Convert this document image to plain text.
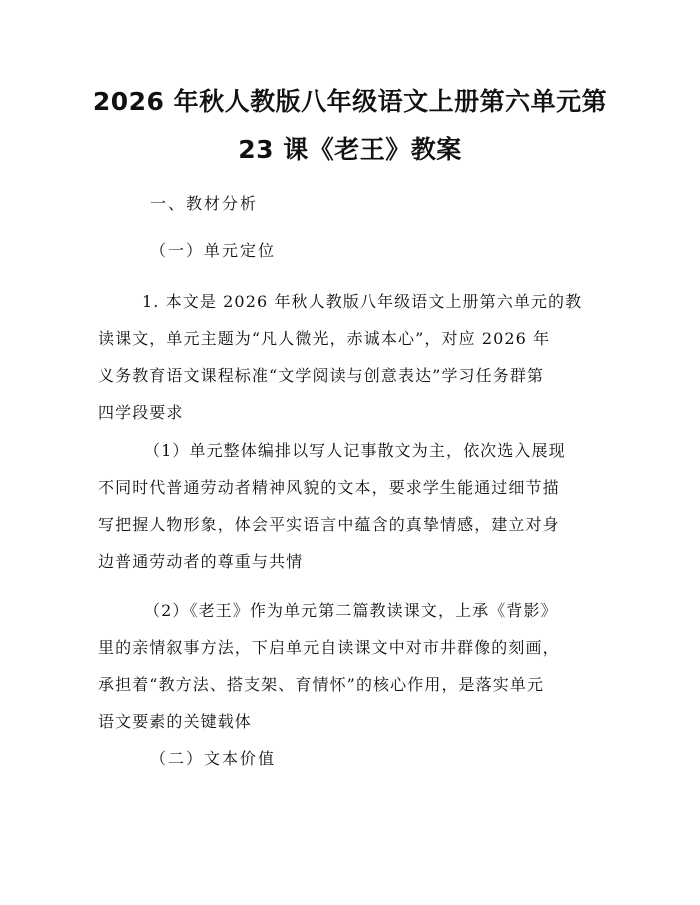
2026 年秋人教版八年级语文上册第六单元第

23 课《老王》教案

一、教材分析

（一）单元定位

1. 本文是 2026 年秋人教版八年级语文上册第六单元的教
读课文，单元主题为“凡人微光，赤诚本心”，对应 2026 年
义务教育语文课程标准“文学阅读与创意表达”学习任务群第
四学段要求
（1）单元整体编排以写人记事散文为主，依次选入展现
不同时代普通劳动者精神风貌的文本，要求学生能通过细节描
写把握人物形象，体会平实语言中蕴含的真挚情感，建立对身
边普通劳动者的尊重与共情
（2）《老王》作为单元第二篇教读课文，上承《背影》
里的亲情叙事方法，下启单元自读课文中对市井群像的刻画，
承担着“教方法、搭支架、育情怀”的核心作用，是落实单元
语文要素的关键载体

（二）文本价值
